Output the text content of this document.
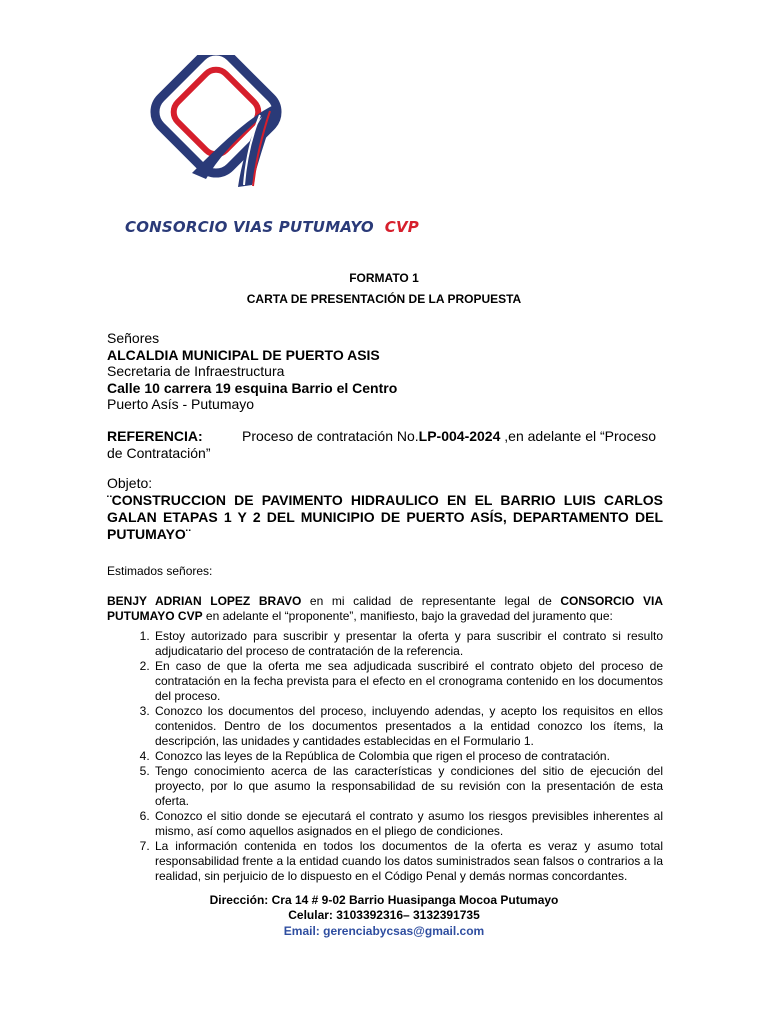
CONSORCIO VIAS PUTUMAYO CVP
FORMATO 1
CARTA DE PRESENTACIÓN DE LA PROPUESTA
Señores
ALCALDIA MUNICIPAL DE PUERTO ASIS
Secretaria de Infraestructura
Calle 10 carrera 19 esquina Barrio el Centro
Puerto Asís - Putumayo
REFERENCIA:	Proceso de contratación No.LP-004-2024 ,en adelante el “Proceso de Contratación”
Objeto:
¨CONSTRUCCION DE PAVIMENTO HIDRAULICO EN EL BARRIO LUIS CARLOS GALAN ETAPAS 1 Y 2 DEL MUNICIPIO DE PUERTO ASÍS, DEPARTAMENTO DEL PUTUMAYO¨
Estimados señores:
BENJY ADRIAN LOPEZ BRAVO en mi calidad de representante legal de CONSORCIO VIA PUTUMAYO CVP en adelante el “proponente”, manifiesto, bajo la gravedad del juramento que:
1. Estoy autorizado para suscribir y presentar la oferta y para suscribir el contrato si resulto adjudicatario del proceso de contratación de la referencia.
2. En caso de que la oferta me sea adjudicada suscribiré el contrato objeto del proceso de contratación en la fecha prevista para el efecto en el cronograma contenido en los documentos del proceso.
3. Conozco los documentos del proceso, incluyendo adendas, y acepto los requisitos en ellos contenidos. Dentro de los documentos presentados a la entidad conozco los ítems, la descripción, las unidades y cantidades establecidas en el Formulario 1.
4. Conozco las leyes de la República de Colombia que rigen el proceso de contratación.
5. Tengo conocimiento acerca de las características y condiciones del sitio de ejecución del proyecto, por lo que asumo la responsabilidad de su revisión con la presentación de esta oferta.
6. Conozco el sitio donde se ejecutará el contrato y asumo los riesgos previsibles inherentes al mismo, así como aquellos asignados en el pliego de condiciones.
7. La información contenida en todos los documentos de la oferta es veraz y asumo total responsabilidad frente a la entidad cuando los datos suministrados sean falsos o contrarios a la realidad, sin perjuicio de lo dispuesto en el Código Penal y demás normas concordantes.
Dirección: Cra 14 # 9-02 Barrio Huasipanga Mocoa Putumayo
Celular: 3103392316– 3132391735
Email: gerenciabycsas@gmail.com
